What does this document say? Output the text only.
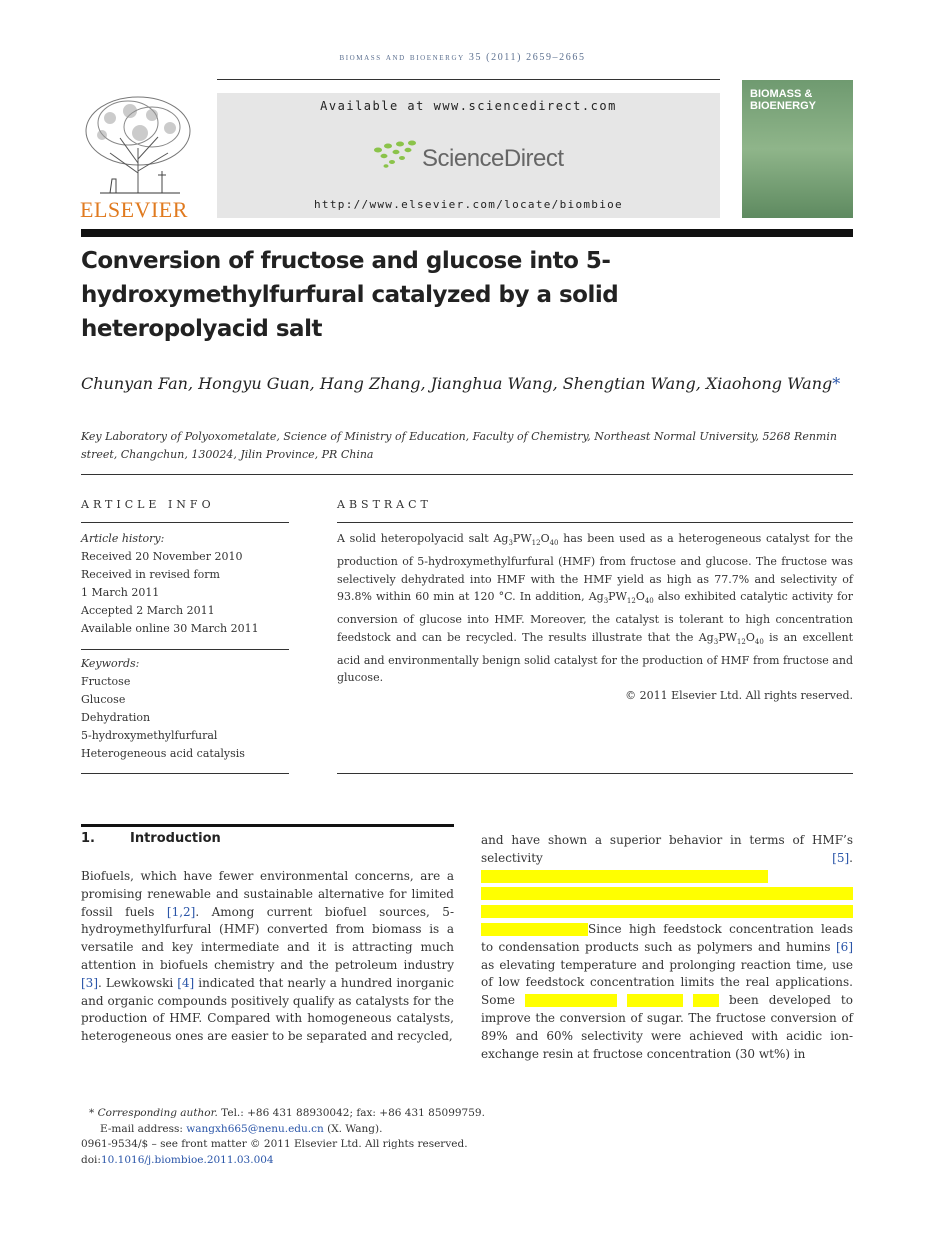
biomass and bioenergy 35 (2011) 2659–2665
ELSEVIER
Available at www.sciencedirect.com
ScienceDirect
http://www.elsevier.com/locate/biombioe
BIOMASS & BIOENERGY
Conversion of fructose and glucose into 5-hydroxymethylfurfural catalyzed by a solid heteropolyacid salt
Chunyan Fan, Hongyu Guan, Hang Zhang, Jianghua Wang, Shengtian Wang, Xiaohong Wang*
Key Laboratory of Polyoxometalate, Science of Ministry of Education, Faculty of Chemistry, Northeast Normal University, 5268 Renmin street, Changchun, 130024, Jilin Province, PR China
ARTICLE INFO
Article history:
Received 20 November 2010
Received in revised form
1 March 2011
Accepted 2 March 2011
Available online 30 March 2011
Keywords:
Fructose
Glucose
Dehydration
5-hydroxymethylfurfural
Heterogeneous acid catalysis
ABSTRACT
A solid heteropolyacid salt $Ag_3PW_{12}O_{40}$ has been used as a heterogeneous catalyst for the production of 5-hydroxymethylfurfural (HMF) from fructose and glucose. The fructose was selectively dehydrated into HMF with the HMF yield as high as 77.7% and selectivity of 93.8% within 60 min at 120 °C. In addition, $Ag_3PW_{12}O_{40}$ also exhibited catalytic activity for conversion of glucose into HMF. Moreover, the catalyst is tolerant to high concentration feedstock and can be recycled. The results illustrate that the $Ag_3PW_{12}O_{40}$ is an excellent acid and environmentally benign solid catalyst for the production of HMF from fructose and glucose.
© 2011 Elsevier Ltd. All rights reserved.
1.	Introduction
Biofuels, which have fewer environmental concerns, are a promising renewable and sustainable alternative for limited fossil fuels [1,2]. Among current biofuel sources, 5-hydroymethylfurfural (HMF) converted from biomass is a versatile and key intermediate and it is attracting much attention in biofuels chemistry and the petroleum industry [3]. Lewkowski [4] indicated that nearly a hundred inorganic and organic compounds positively qualify as catalysts for the production of HMF. Compared with homogeneous catalysts, heterogeneous ones are easier to be separated and recycled,
and have shown a superior behavior in terms of HMF’s selectivity [5].

Since high feedstock concentration leads to condensation products such as polymers and humins [6] as elevating temperature and prolonging reaction time, use of low feedstock concentration limits the real applications. Some	been developed to improve the conversion of sugar. The fructose conversion of 89% and 60% selectivity were achieved with acidic ion-exchange resin at fructose concentration (30 wt%) in
* Corresponding author. Tel.: +86 431 88930042; fax: +86 431 85099759.
E-mail address: wangxh665@nenu.edu.cn (X. Wang).
0961-9534/$ – see front matter © 2011 Elsevier Ltd. All rights reserved.
doi:10.1016/j.biombioe.2011.03.004
